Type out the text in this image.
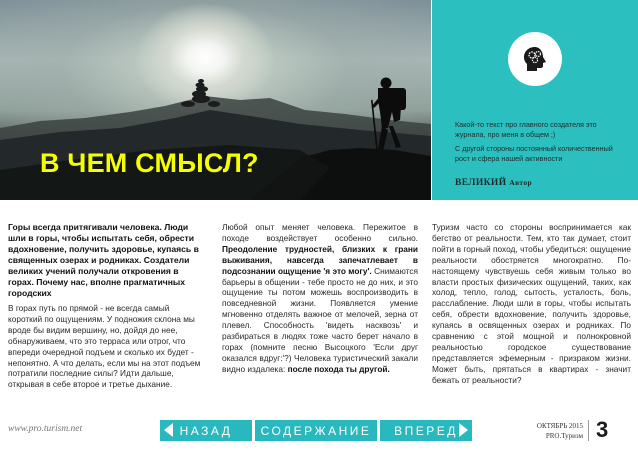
В ЧЕМ СМЫСЛ?

Какой-то текст про главного создателя это журнала, про меня в общем ;)

С другой стороны постоянный количественный рост и сфера нашей активности

ВЕЛИКИЙ Автор

Горы всегда притягивали человека. Люди шли в горы, чтобы испытать себя, обрести вдохновение, получить здоровье, купаясь в священных озерах и родниках. Создатели великих учений получали откровения в горах. Почему нас, вполне прагматичных городских

В горах путь по прямой - не всегда самый короткий по ощущениям. У подножия склона мы вроде бы видим вершину, но, дойдя до нее, обнаруживаем, что это терраса или отрог, что впереди очередной подъем и сколько их будет - непонятно. А что делать, если мы на этот подъем потратили последние силы? Идти дальше, открывая в себе второе и третье дыхание.

Любой опыт меняет человека. Пережитое в походе воздействует особенно сильно. Преодоление трудностей, близких к грани выживания, навсегда запечатлевает в подсознании ощущение 'я это могу'. Снимаются барьеры в общении - тебе просто не до них, и это ощущение ты потом можешь воспроизводить в повседневной жизни. Появляется умение мгновенно отделять важное от мелочей, зерна от плевел. Способность 'видеть насквозь' и разбираться в людях тоже часто берет начало в горах (помните песню Высоцкого 'Если друг оказался вдруг:'?) Человека туристический закали видно издалека: после похода ты другой.

Туризм часто со стороны воспринимается как бегство от реальности. Тем, кто так думает, стоит пойти в горный поход, чтобы убедиться: ощущение реальности обостряется многократно. По-настоящему чувствуешь себя живым только во власти простых физических ощущений, таких, как холод, тепло, голод, сытость, усталость, боль, расслабление. Люди шли в горы, чтобы испытать себя, обрести вдохновение, получить здоровье, купаясь в освященных озерах и родниках. По сравнению с этой мощной и полнокровной реальностью городское существование представляется эфемерным - призраком жизни. Может быть, прятаться в квартирах - значит бежать от реальности?

www.pro.turism.net	НАЗАД СОДЕРЖАНИЕ ВПЕРЕД	ОКТЯБРЬ 2015
PRO.Туризм 3
